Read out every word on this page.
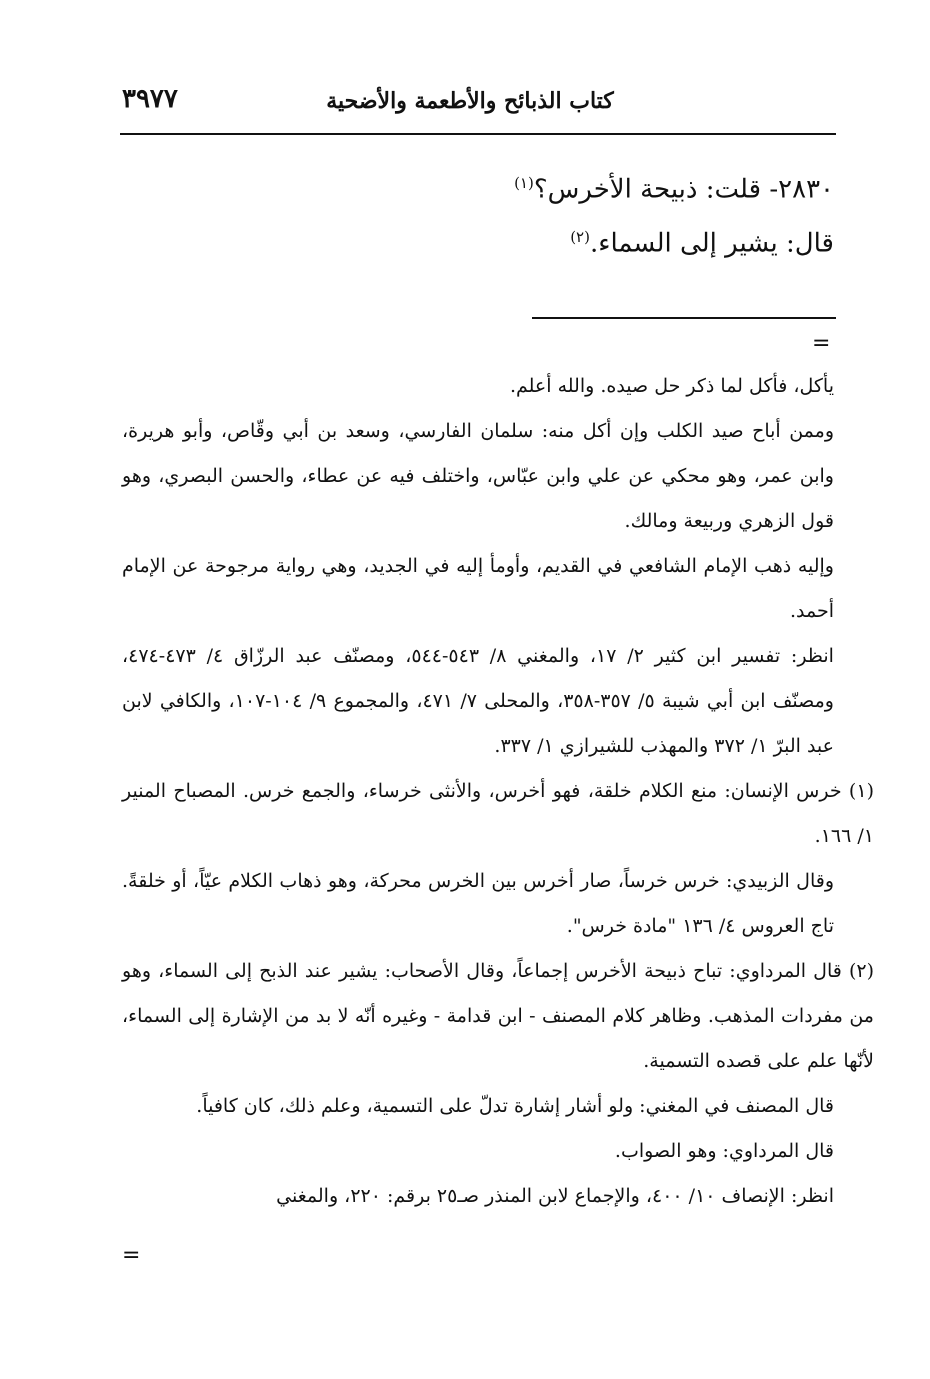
كتاب الذبائح والأطعمة والأضحية
٣٩٧٧
٢٨٣٠- قلت: ذبيحة الأخرس؟$^{(١)}$
قال: يشير إلى السماء.$^{(٢)}$
=

يأكل، فأكل لما ذكر حل صيده. والله أعلم.

وممن أباح صيد الكلب وإن أكل منه: سلمان الفارسي، وسعد بن أبي وقّاص، وأبو هريرة، وابن عمر، وهو محكي عن علي وابن عبّاس، واختلف فيه عن عطاء، والحسن البصري، وهو قول الزهري وربيعة ومالك.

وإليه ذهب الإمام الشافعي في القديم، وأومأ إليه في الجديد، وهي رواية مرجوحة عن الإمام أحمد.

انظر: تفسير ابن كثير ٢/ ١٧، والمغني ٨/ ٥٤٣-٥٤٤، ومصنّف عبد الرزّاق ٤/ ٤٧٣-٤٧٤، ومصنّف ابن أبي شيبة ٥/ ٣٥٧-٣٥٨، والمحلى ٧/ ٤٧١، والمجموع ٩/ ١٠٤-١٠٧، والكافي لابن عبد البرّ ١/ ٣٧٢ والمهذب للشيرازي ١/ ٣٣٧.

(١) خرس الإنسان: منع الكلام خلقة، فهو أخرس، والأنثى خرساء، والجمع خرس. المصباح المنير ١/ ١٦٦.

وقال الزبيدي: خرس خرساً، صار أخرس بين الخرس محركة، وهو ذهاب الكلام عيّاً، أو خلقةً. تاج العروس ٤/ ١٣٦ "مادة خرس".

(٢) قال المرداوي: تباح ذبيحة الأخرس إجماعاً، وقال الأصحاب: يشير عند الذبح إلى السماء، وهو من مفردات المذهب. وظاهر كلام المصنف - ابن قدامة - وغيره أنّه لا بد من الإشارة إلى السماء، لأنّها علم على قصده التسمية.

قال المصنف في المغني: ولو أشار إشارة تدلّ على التسمية، وعلم ذلك، كان كافياً.

قال المرداوي: وهو الصواب.

انظر: الإنصاف ١٠/ ٤٠٠، والإجماع لابن المنذر صـ٢٥ برقم: ٢٢٠، والمغني

=
